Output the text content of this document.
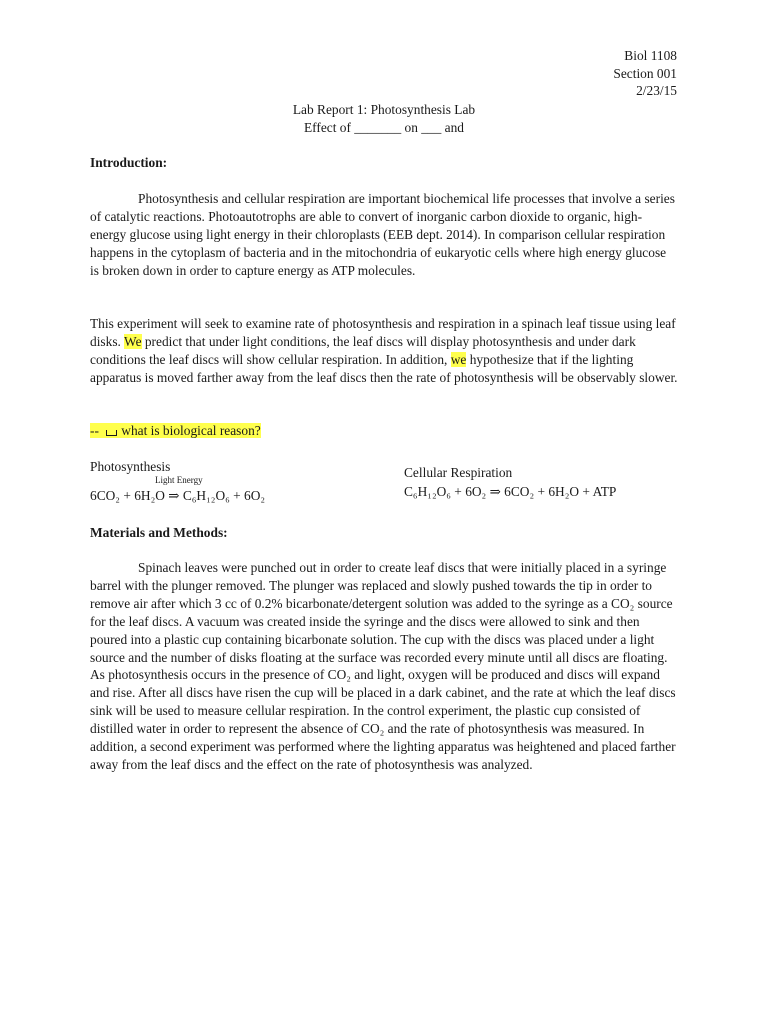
Biol 1108
Section 001
2/23/15
Lab Report 1: Photosynthesis Lab
Effect of _______ on ___ and
Introduction:
Photosynthesis and cellular respiration are important biochemical life processes that involve a series of catalytic reactions. Photoautotrophs are able to convert of inorganic carbon dioxide to organic, high-energy glucose using light energy in their chloroplasts (EEB dept. 2014). In comparison cellular respiration happens in the cytoplasm of bacteria and in the mitochondria of eukaryotic cells where high energy glucose is broken down in order to capture energy as ATP molecules.
This experiment will seek to examine rate of photosynthesis and respiration in a spinach leaf tissue using leaf disks. We predict that under light conditions, the leaf discs will display photosynthesis and under dark conditions the leaf discs will show cellular respiration. In addition, we hypothesize that if the lighting apparatus is moved farther away from the leaf discs then the rate of photosynthesis will be observably slower.
-- what is biological reason?
Photosynthesis
Light Energy
6CO₂ + 6H₂O ⇒ C₆H₁₂O₆ + 6O₂
Cellular Respiration
C₆H₁₂O₆ + 6O₂ ⇒ 6CO₂ + 6H₂O + ATP
Materials and Methods:
Spinach leaves were punched out in order to create leaf discs that were initially placed in a syringe barrel with the plunger removed. The plunger was replaced and slowly pushed towards the tip in order to remove air after which 3 cc of 0.2% bicarbonate/detergent solution was added to the syringe as a CO₂ source for the leaf discs. A vacuum was created inside the syringe and the discs were allowed to sink and then poured into a plastic cup containing bicarbonate solution. The cup with the discs was placed under a light source and the number of disks floating at the surface was recorded every minute until all discs are floating. As photosynthesis occurs in the presence of CO₂ and light, oxygen will be produced and discs will expand and rise. After all discs have risen the cup will be placed in a dark cabinet, and the rate at which the leaf discs sink will be used to measure cellular respiration. In the control experiment, the plastic cup consisted of distilled water in order to represent the absence of CO₂ and the rate of photosynthesis was measured. In addition, a second experiment was performed where the lighting apparatus was heightened and placed farther away from the leaf discs and the effect on the rate of photosynthesis was analyzed.
